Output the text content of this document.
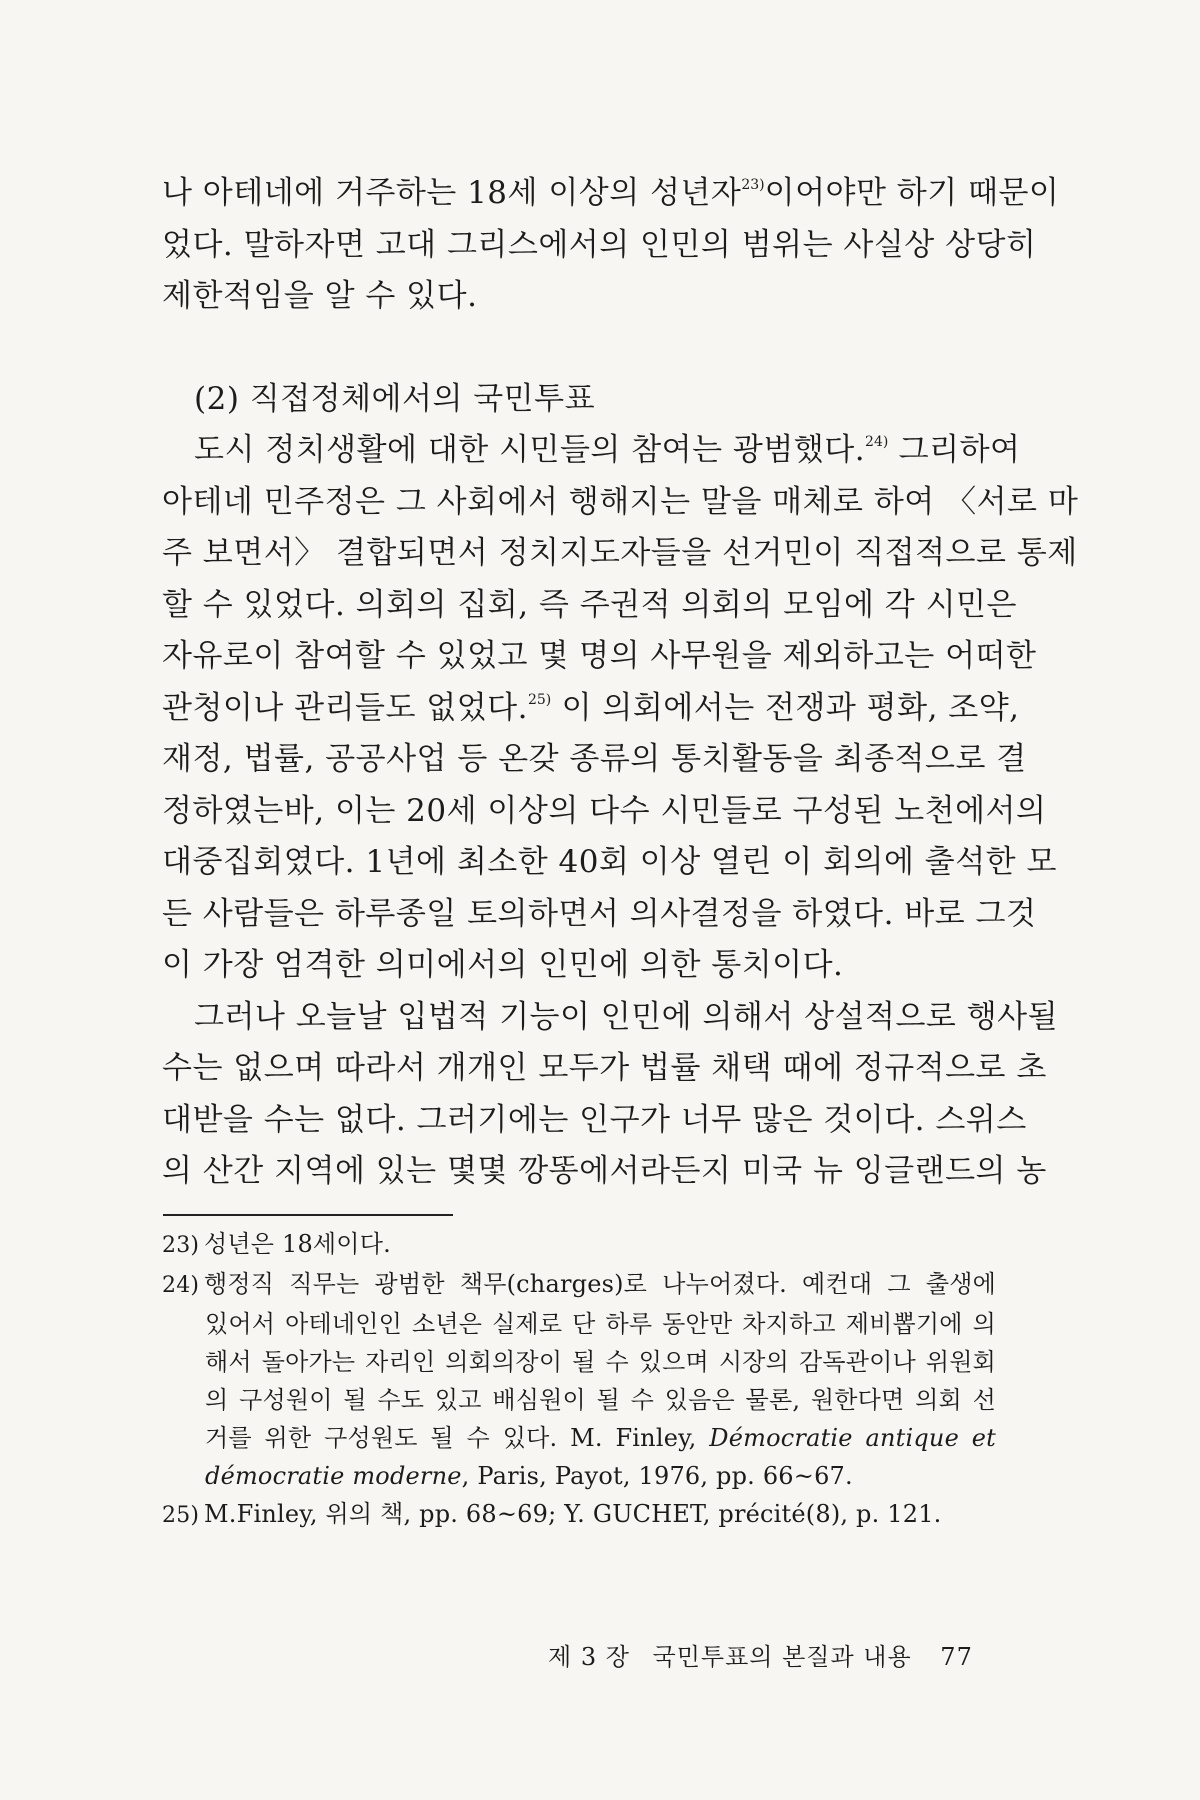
나 아테네에 거주하는 18세 이상의 성년자$^{23)}$이어야만 하기 때문이
었다. 말하자면 고대 그리스에서의 인민의 범위는 사실상 상당히
제한적임을 알 수 있다.
(2) 직접정체에서의 국민투표
도시 정치생활에 대한 시민들의 참여는 광범했다.$^{24)}$ 그리하여
아테네 민주정은 그 사회에서 행해지는 말을 매체로 하여 〈서로 마
주 보면서〉 결합되면서 정치지도자들을 선거민이 직접적으로 통제
할 수 있었다. 의회의 집회, 즉 주권적 의회의 모임에 각 시민은
자유로이 참여할 수 있었고 몇 명의 사무원을 제외하고는 어떠한
관청이나 관리들도 없었다.$^{25)}$ 이 의회에서는 전쟁과 평화, 조약,
재정, 법률, 공공사업 등 온갖 종류의 통치활동을 최종적으로 결
정하였는바, 이는 20세 이상의 다수 시민들로 구성된 노천에서의
대중집회였다. 1년에 최소한 40회 이상 열린 이 회의에 출석한 모
든 사람들은 하루종일 토의하면서 의사결정을 하였다. 바로 그것
이 가장 엄격한 의미에서의 인민에 의한 통치이다.
그러나 오늘날 입법적 기능이 인민에 의해서 상설적으로 행사될
수는 없으며 따라서 개개인 모두가 법률 채택 때에 정규적으로 초
대받을 수는 없다. 그러기에는 인구가 너무 많은 것이다. 스위스
의 산간 지역에 있는 몇몇 깡똥에서라든지 미국 뉴 잉글랜드의 농
23) 성년은 18세이다.
24) 행정직 직무는 광범한 책무(charges)로 나누어졌다. 예컨대 그 출생에
있어서 아테네인인 소년은 실제로 단 하루 동안만 차지하고 제비뽑기에 의
해서 돌아가는 자리인 의회의장이 될 수 있으며 시장의 감독관이나 위원회
의 구성원이 될 수도 있고 배심원이 될 수 있음은 물론, 원한다면 의회 선
거를 위한 구성원도 될 수 있다. M. Finley, Démocratie antique et
démocratie moderne, Paris, Payot, 1976, pp. 66~67.
25) M.Finley, 위의 책, pp. 68~69; Y. GUCHET, précité(8), p. 121.
제 3 장 국민투표의 본질과 내용 77
